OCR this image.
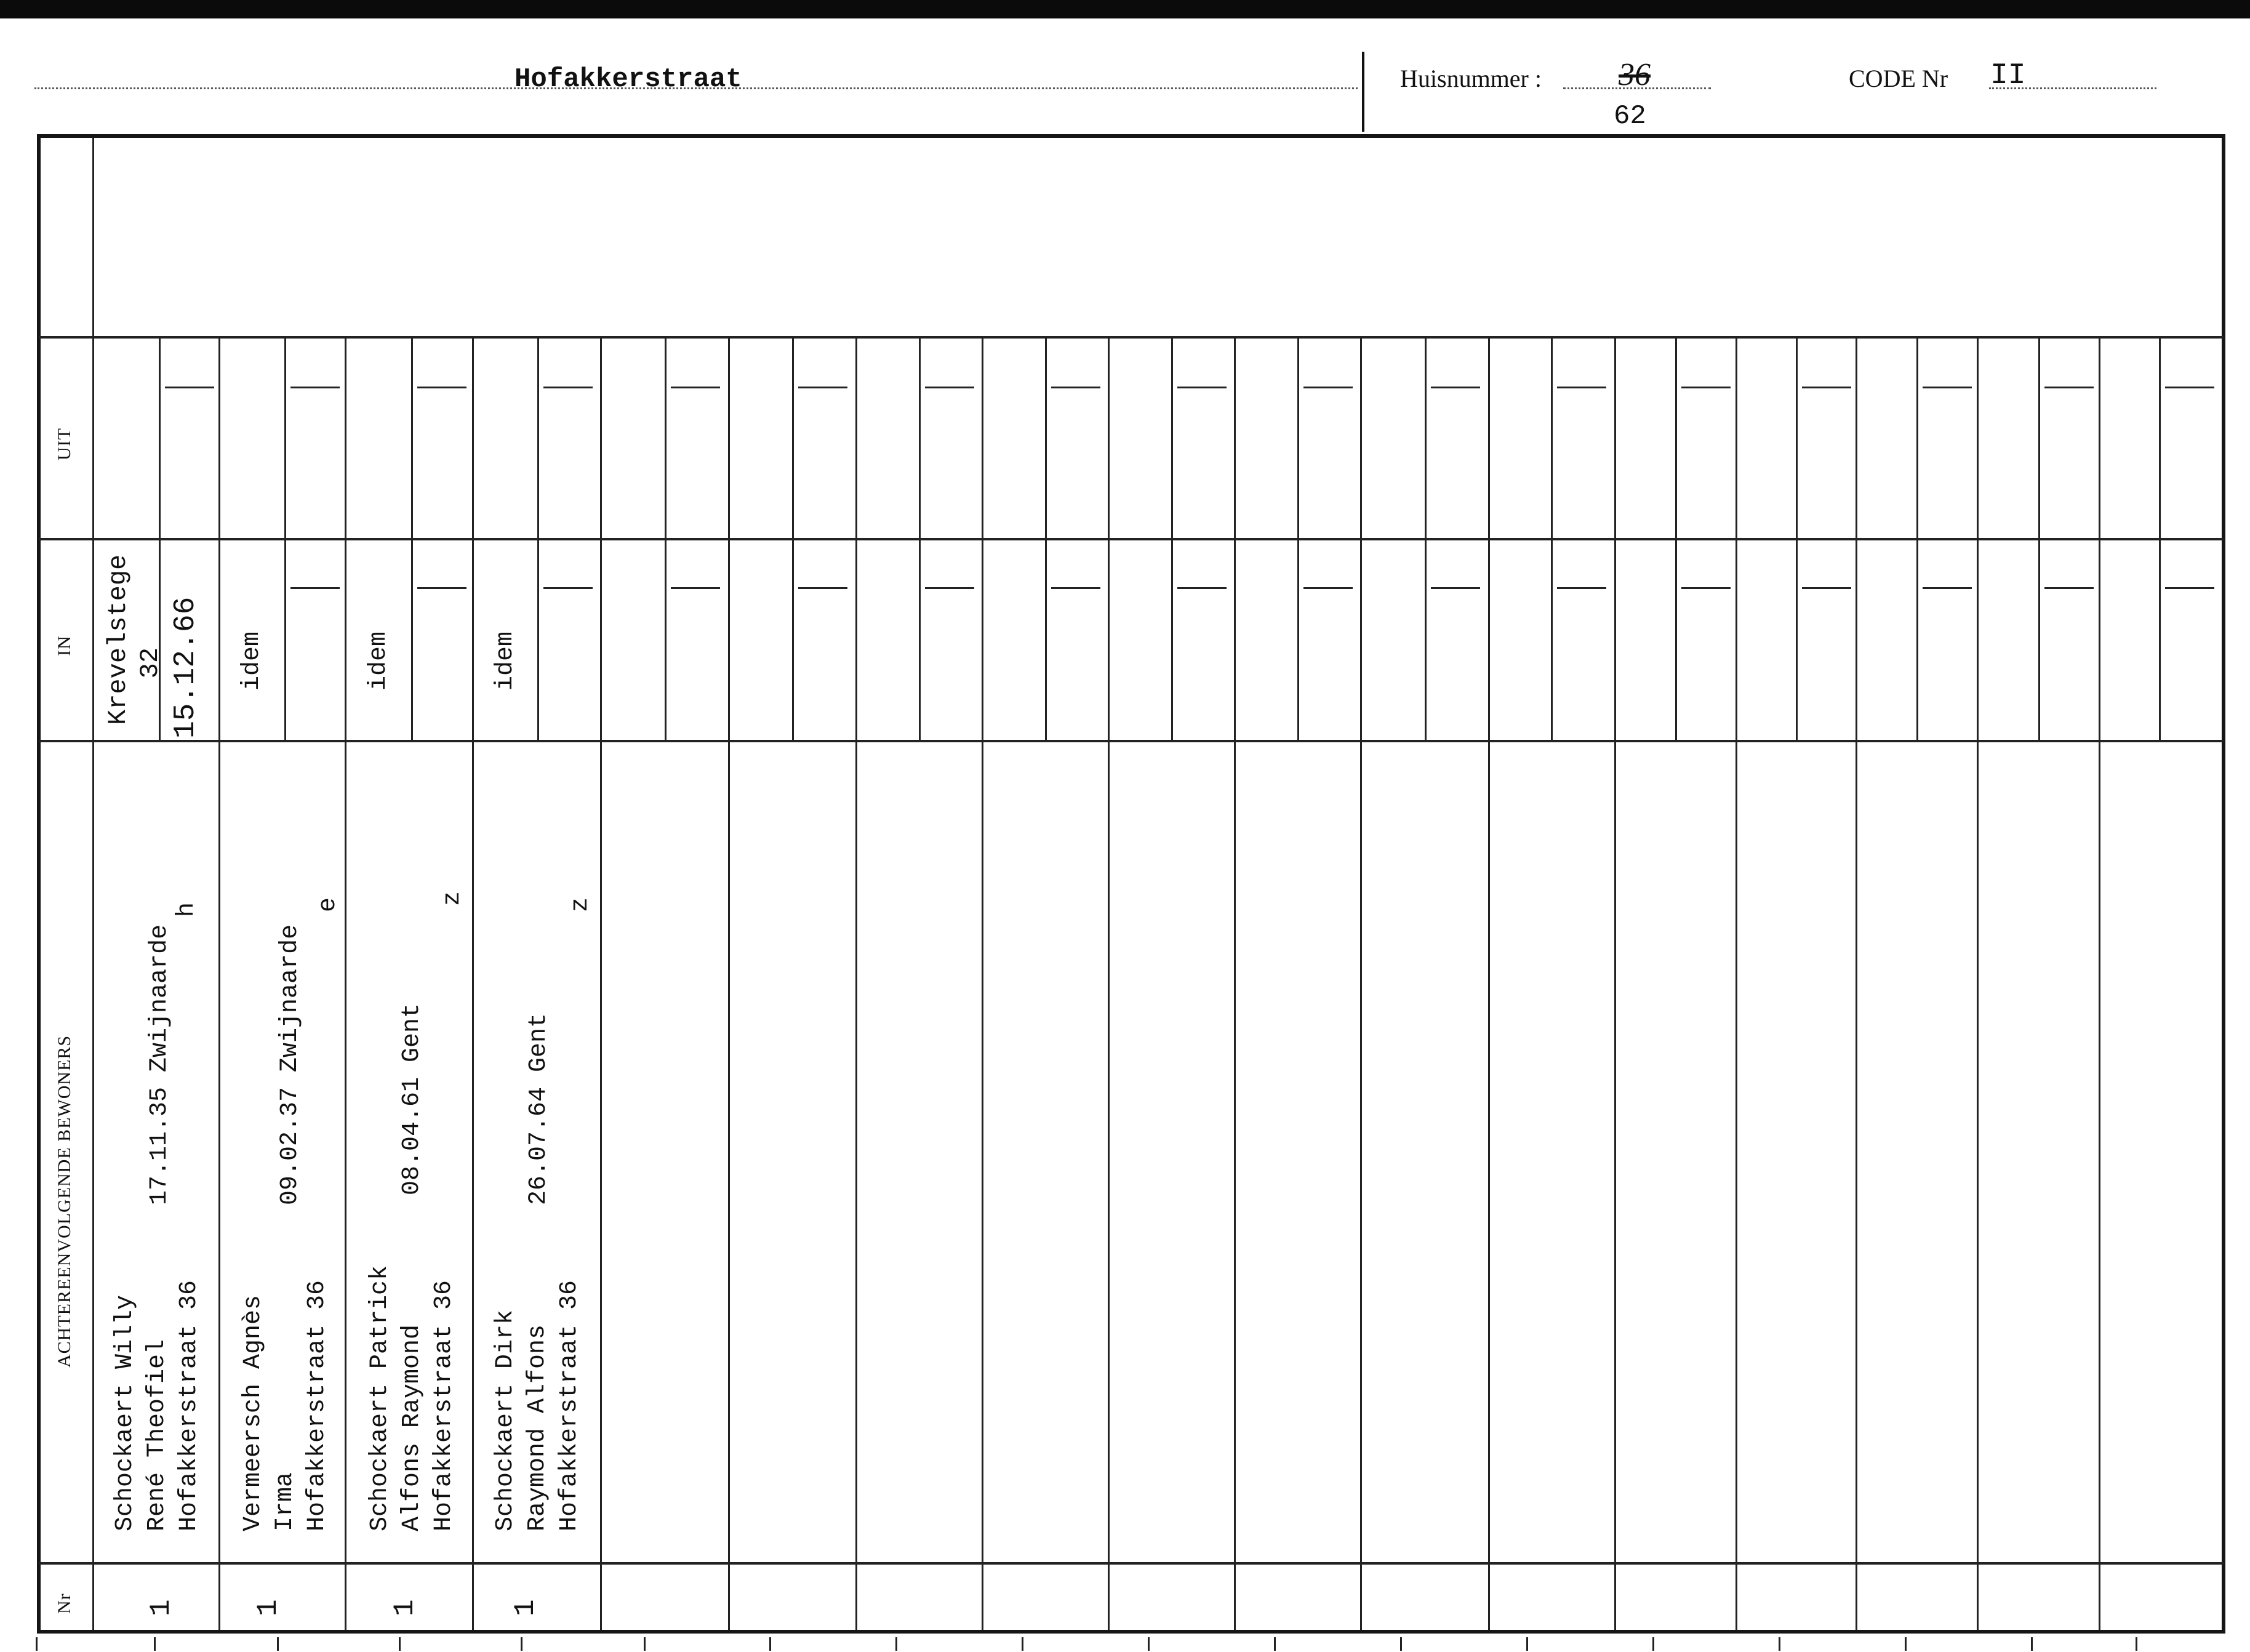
Hofakkerstraat	Huisnummer : 36
62
CODE Nr II
UIT
IN
ACHTEREENVOLGENDE BEWONERS
Nr
Krevelstege
32 15.12.66
Schockaert Willy
René Theofiel
Hofakkerstraat 36
17.11.35 Zwijnaarde
h
1
idem
Vermeersch Agnès
Irma
Hofakkerstraat 36
09.02.37 Zwijnaarde
e
1
idem
Schockaert Patrick
Alfons Raymond
Hofakkerstraat 36
08.04.61 Gent
z
1
idem
Schockaert Dirk
Raymond Alfons
Hofakkerstraat 36
26.07.64 Gent
z
1
